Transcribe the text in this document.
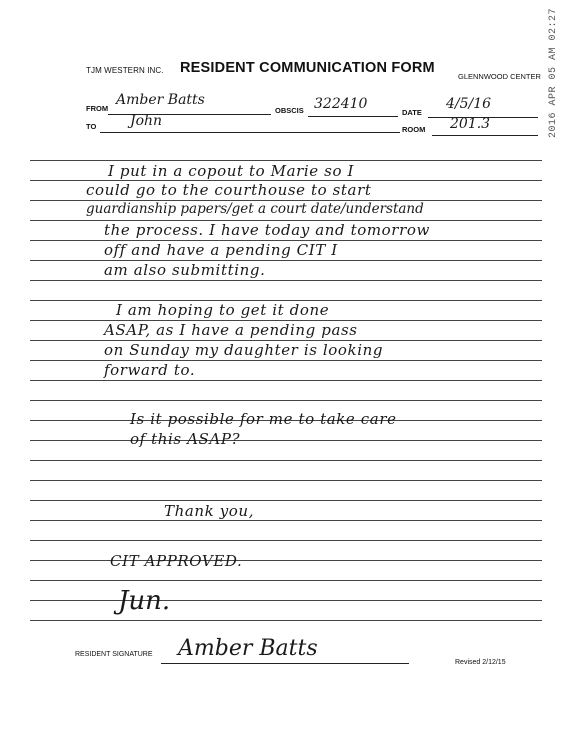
TJM WESTERN INC. RESIDENT COMMUNICATION FORM
GLENNWOOD CENTER 2016 APR 05 AM 02:27
FROM
Amber Batts
OBSCIS 322410
DATE
4/5/16
TO John
ROOM 201.3
I put in a copout to Marie so I
could go to the courthouse to start
guardianship papers/get a court date/understand
the process. I have today and tomorrow
off and have a pending CIT I
am also submitting.
I am hoping to get it done
ASAP, as I have a pending pass
on Sunday my daughter is looking
forward to.
Is it possible for me to take care
of this ASAP?
Thank you,
CIT APPROVED.
Jun.
RESIDENT SIGNATURE Amber Batts
Revised 2/12/15
